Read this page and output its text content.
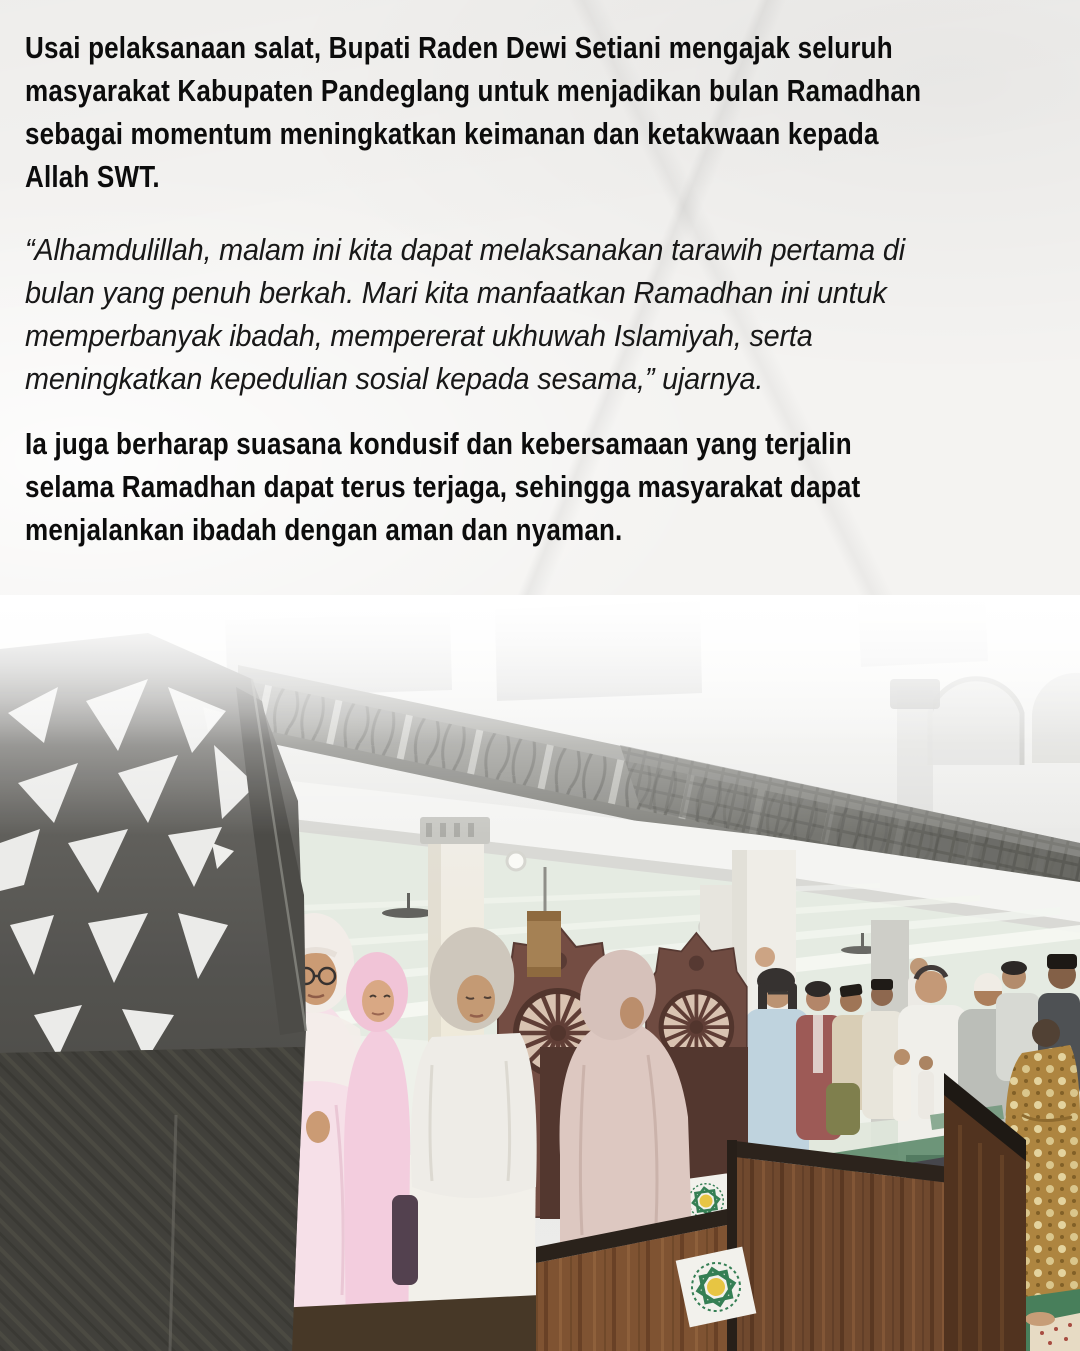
Usai pelaksanaan salat, Bupati Raden Dewi Setiani mengajak seluruh
masyarakat Kabupaten Pandeglang untuk menjadikan bulan Ramadhan
sebagai momentum meningkatkan keimanan dan ketakwaan kepada
Allah SWT.

“Alhamdulillah, malam ini kita dapat melaksanakan tarawih pertama di
bulan yang penuh berkah. Mari kita manfaatkan Ramadhan ini untuk
memperbanyak ibadah, mempererat ukhuwah Islamiyah, serta
meningkatkan kepedulian sosial kepada sesama,” ujarnya.

Ia juga berharap suasana kondusif dan kebersamaan yang terjalin
selama Ramadhan dapat terus terjaga, sehingga masyarakat dapat
menjalankan ibadah dengan aman dan nyaman.
